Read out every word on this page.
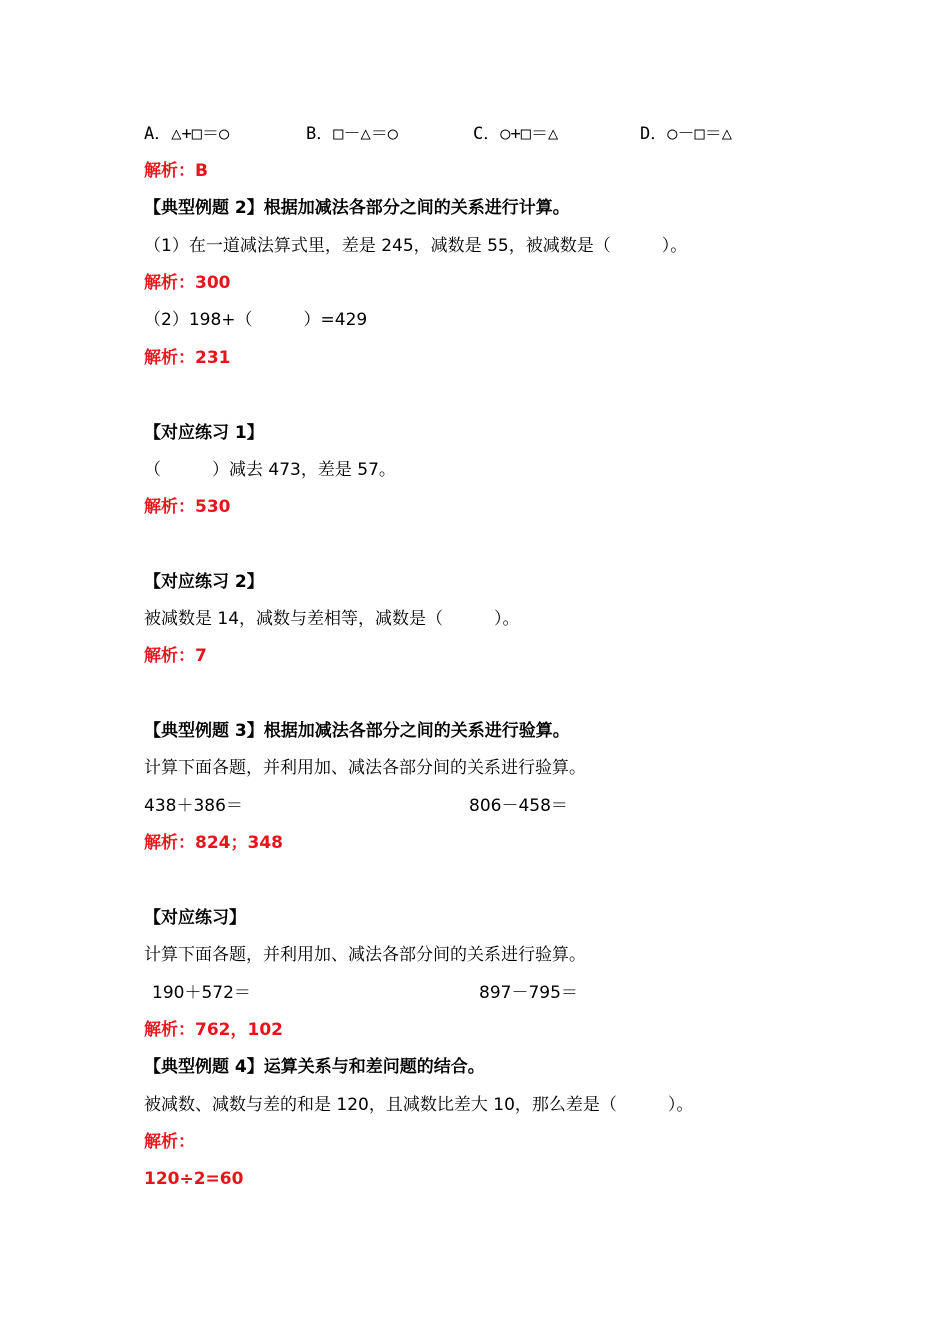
A．△+□＝○	B．□－△＝○	C．○+□＝△	D．○－□＝△
解析：B
【典型例题 2】根据加减法各部分之间的关系进行计算。
（1）在一道减法算式里，差是 245，减数是 55，被减数是（　　　）。
解析：300
（2）198+（　　　）=429
解析：231
【对应练习 1】
（　　　）减去 473，差是 57。
解析：530
【对应练习 2】
被减数是 14，减数与差相等，减数是（　　　）。
解析：7
【典型例题 3】根据加减法各部分之间的关系进行验算。
计算下面各题，并利用加、减法各部分间的关系进行验算。
438＋386＝	806－458＝
解析：824；348
【对应练习】
计算下面各题，并利用加、减法各部分间的关系进行验算。
190＋572＝	897－795＝
解析：762，102
【典型例题 4】运算关系与和差问题的结合。
被减数、减数与差的和是 120，且减数比差大 10，那么差是（　　　）。
解析：
120÷2=60
